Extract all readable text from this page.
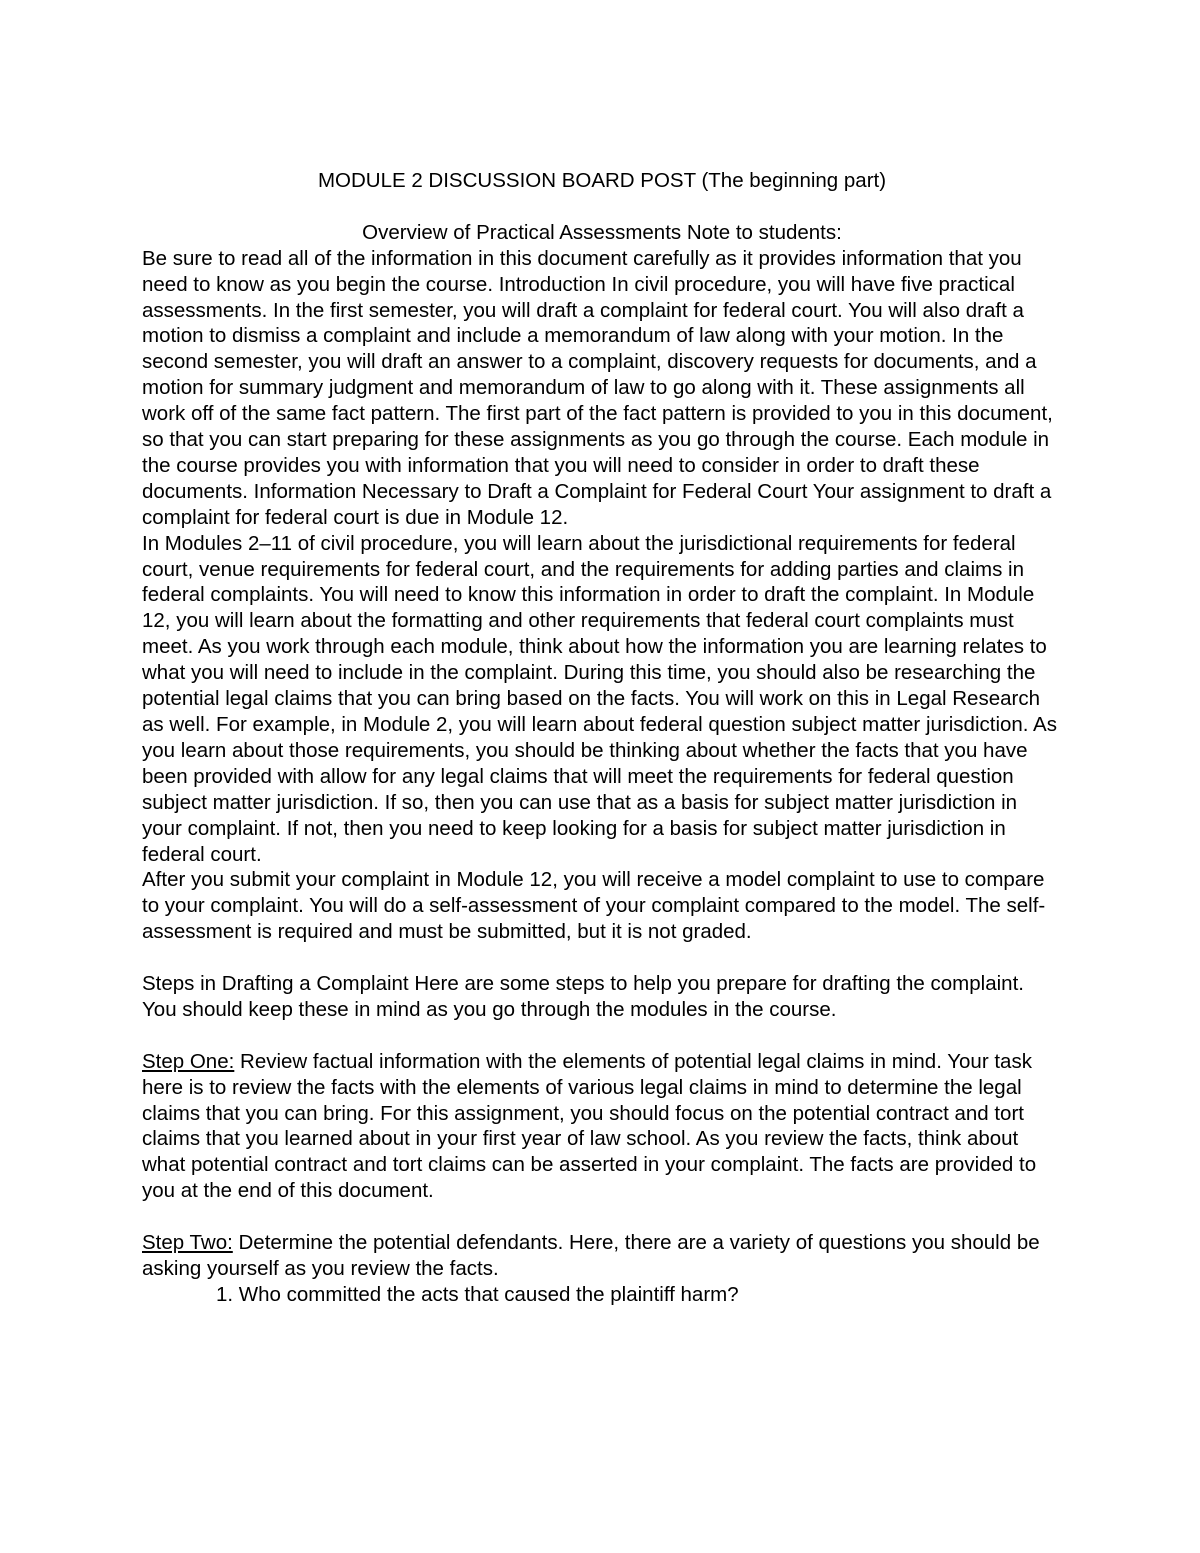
MODULE 2 DISCUSSION BOARD POST (The beginning part)

Overview of Practical Assessments Note to students:

Be sure to read all of the information in this document carefully as it provides information that you need to know as you begin the course. Introduction In civil procedure, you will have five practical assessments. In the first semester, you will draft a complaint for federal court. You will also draft a motion to dismiss a complaint and include a memorandum of law along with your motion. In the second semester, you will draft an answer to a complaint, discovery requests for documents, and a motion for summary judgment and memorandum of law to go along with it. These assignments all work off of the same fact pattern. The first part of the fact pattern is provided to you in this document, so that you can start preparing for these assignments as you go through the course. Each module in the course provides you with information that you will need to consider in order to draft these documents. Information Necessary to Draft a Complaint for Federal Court Your assignment to draft a complaint for federal court is due in Module 12.

In Modules 2–11 of civil procedure, you will learn about the jurisdictional requirements for federal court, venue requirements for federal court, and the requirements for adding parties and claims in federal complaints. You will need to know this information in order to draft the complaint. In Module 12, you will learn about the formatting and other requirements that federal court complaints must meet. As you work through each module, think about how the information you are learning relates to what you will need to include in the complaint. During this time, you should also be researching the potential legal claims that you can bring based on the facts. You will work on this in Legal Research as well. For example, in Module 2, you will learn about federal question subject matter jurisdiction. As you learn about those requirements, you should be thinking about whether the facts that you have been provided with allow for any legal claims that will meet the requirements for federal question subject matter jurisdiction. If so, then you can use that as a basis for subject matter jurisdiction in your complaint. If not, then you need to keep looking for a basis for subject matter jurisdiction in federal court.

After you submit your complaint in Module 12, you will receive a model complaint to use to compare to your complaint. You will do a self-assessment of your complaint compared to the model. The self-assessment is required and must be submitted, but it is not graded.

Steps in Drafting a Complaint Here are some steps to help you prepare for drafting the complaint. You should keep these in mind as you go through the modules in the course.

Step One: Review factual information with the elements of potential legal claims in mind. Your task here is to review the facts with the elements of various legal claims in mind to determine the legal claims that you can bring. For this assignment, you should focus on the potential contract and tort claims that you learned about in your first year of law school. As you review the facts, think about what potential contract and tort claims can be asserted in your complaint. The facts are provided to you at the end of this document.

Step Two: Determine the potential defendants. Here, there are a variety of questions you should be asking yourself as you review the facts.

1. Who committed the acts that caused the plaintiff harm?
